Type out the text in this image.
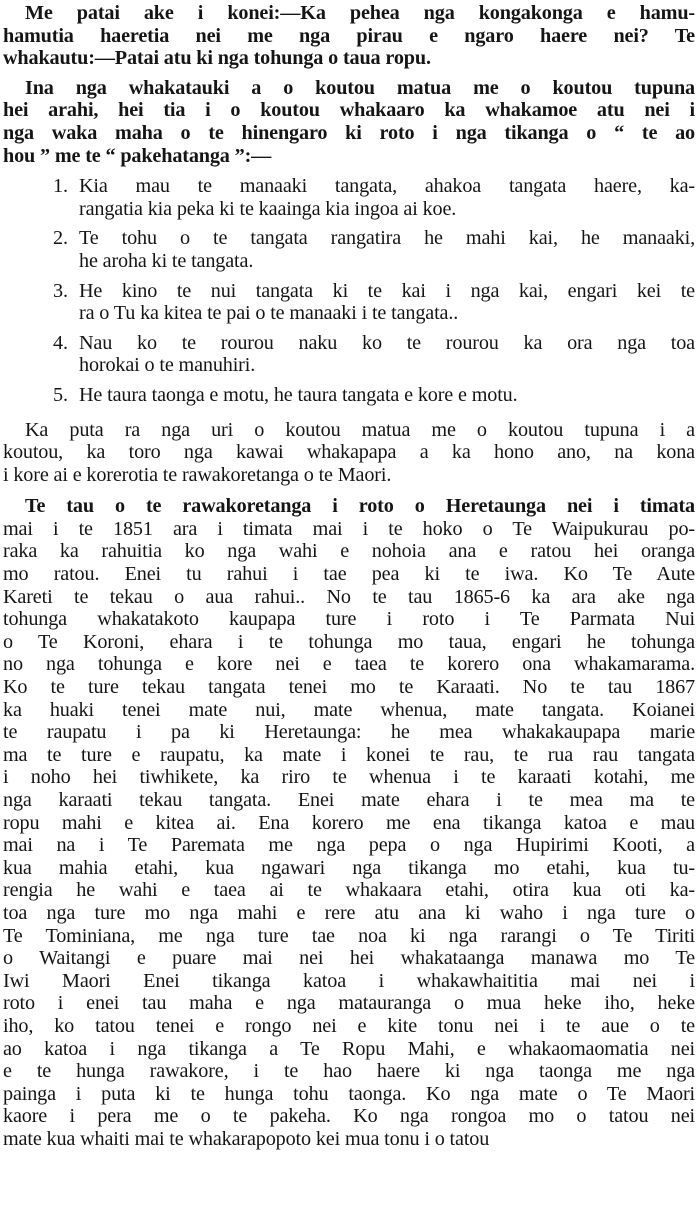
Me patai ake i konei:—Ka pehea nga kongakonga e hamu-
hamutia haeretia nei me nga pirau e ngaro haere nei? Te
whakautu:—Patai atu ki nga tohunga o taua ropu.
Ina nga whakatauki a o koutou matua me o koutou tupuna
hei arahi, hei tia i o koutou whakaaro ka whakamoe atu nei i
nga waka maha o te hinengaro ki roto i nga tikanga o “ te ao
hou ” me te “ pakehatanga ”:—
1. Kia mau te manaaki tangata, ahakoa tangata haere, ka-
rangatia kia peka ki te kaainga kia ingoa ai koe.
2. Te tohu o te tangata rangatira he mahi kai, he manaaki,
he aroha ki te tangata.
3. He kino te nui tangata ki te kai i nga kai, engari kei te
ra o Tu ka kitea te pai o te manaaki i te tangata..
4. Nau ko te rourou naku ko te rourou ka ora nga toa
horokai o te manuhiri.
5. He taura taonga e motu, he taura tangata e kore e motu.
Ka puta ra nga uri o koutou matua me o koutou tupuna i a
koutou, ka toro nga kawai whakapapa a ka hono ano, na kona
i kore ai e korerotia te rawakoretanga o te Maori.
Te tau o te rawakoretanga i roto o Heretaunga nei i timata
mai i te 1851 ara i timata mai i te hoko o Te Waipukurau po-
raka ka rahuitia ko nga wahi e nohoia ana e ratou hei oranga
mo ratou. Enei tu rahui i tae pea ki te iwa. Ko Te Aute
Kareti te tekau o aua rahui.. No te tau 1865-6 ka ara ake nga
tohunga whakatakoto kaupapa ture i roto i Te Parmata Nui
o Te Koroni, ehara i te tohunga mo taua, engari he tohunga
no nga tohunga e kore nei e taea te korero ona whakamarama.
Ko te ture tekau tangata tenei mo te Karaati. No te tau 1867
ka huaki tenei mate nui, mate whenua, mate tangata. Koianei
te raupatu i pa ki Heretaunga: he mea whakakaupapa marie
ma te ture e raupatu, ka mate i konei te rau, te rua rau tangata
i noho hei tiwhikete, ka riro te whenua i te karaati kotahi, me
nga karaati tekau tangata. Enei mate ehara i te mea ma te
ropu mahi e kitea ai. Ena korero me ena tikanga katoa e mau
mai na i Te Paremata me nga pepa o nga Hupirimi Kooti, a
kua mahia etahi, kua ngawari nga tikanga mo etahi, kua tu-
rengia he wahi e taea ai te whakaara etahi, otira kua oti ka-
toa nga ture mo nga mahi e rere atu ana ki waho i nga ture o
Te Tominiana, me nga ture tae noa ki nga rarangi o Te Tiriti
o Waitangi e puare mai nei hei whakataanga manawa mo Te
Iwi Maori Enei tikanga katoa i whakawhaititia mai nei i
roto i enei tau maha e nga matauranga o mua heke iho, heke
iho, ko tatou tenei e rongo nei e kite tonu nei i te aue o te
ao katoa i nga tikanga a Te Ropu Mahi, e whakaomaomatia nei
e te hunga rawakore, i te hao haere ki nga taonga me nga
painga i puta ki te hunga tohu taonga. Ko nga mate o Te Maori
kaore i pera me o te pakeha. Ko nga rongoa mo o tatou nei
mate kua whaiti mai te whakarapopoto kei mua tonu i o tatou
